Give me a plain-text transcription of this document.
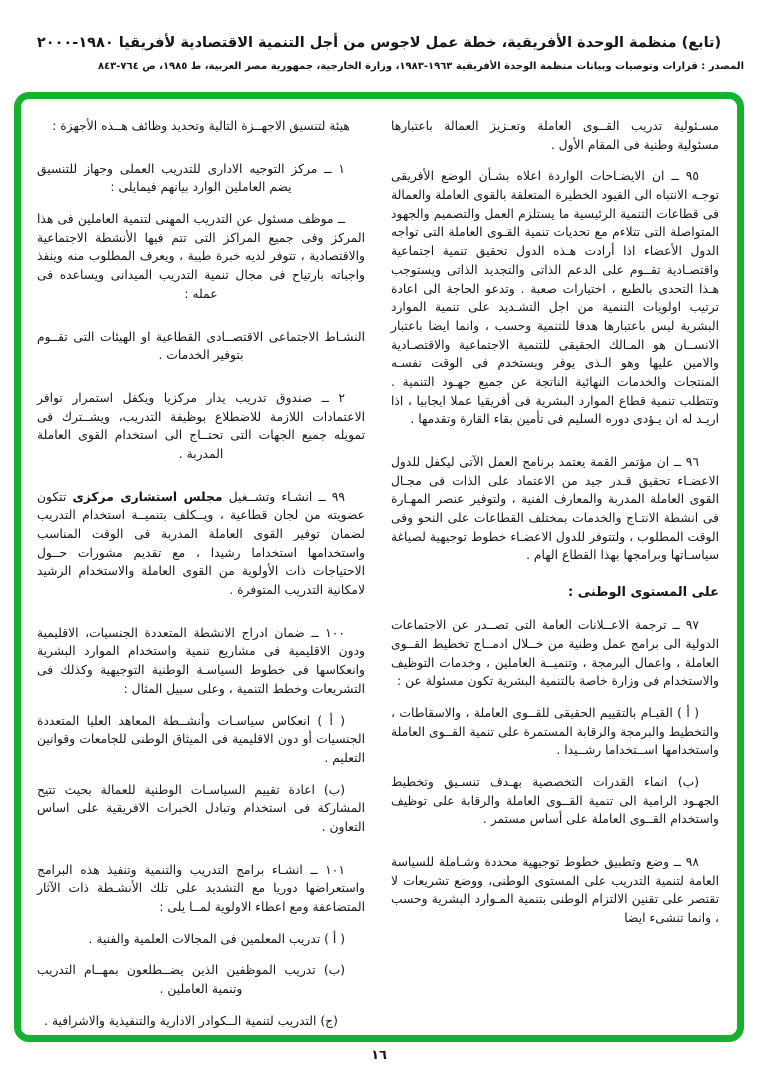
(تابع) منظمة الوحدة الأفريقية، خطة عمل لاجوس من أجل التنمية الاقتصادية لأفريقيا ١٩٨٠-٢٠٠٠
المصدر : قرارات وتوصيات وبيانات منظمة الوحدة الأفريقية ١٩٦٣-١٩٨٣، وزارة الخارجية، جمهورية مصر العربية، ط ١٩٨٥، ص ٧٦٤-٨٤٣

مسـئولية تدريب القــوى العاملة وتعـزيز العمالة باعتبارها مسئولية وطنية فى المقام الأول .

٩٥ ــ ان الايضـاحات الواردة اعلاه بشـأن الوضع الأفريقى توجـه الانتباه الى القيود الخطيرة المتعلقة بالقوى العاملة والعمالة فى قطاعات التنمية الرئيسية ما يستلزم العمل والتصميم والجهود المتواصلة التى تتلاءم مع تحديات تنمية القـوى العاملة التى تواجه الدول الأعضاء اذا أرادت هـذه الدول تحقيق تنمية اجتماعية واقتصـادية تقــوم على الدعم الذاتى والتجديد الذاتى ويستوجب هـذا التحدى بالطبع ، اختيارات صعبة . وتدعو الحاجة الى اعادة ترتيب اولويات التنمية من اجل التشـديد على تنمية الموارد البشرية ليس باعتبارها هدفا للتنمية وحسب ، وانما ايضا باعتبار الانســان هو المـالك الحقيقى للتنمية الاجتماعية والاقتصـادية والامين عليها وهو الـذى يوفر ويستخدم فى الوقت نفسـه المنتجات والخدمات النهائية الناتجة عن جميع جهـود التنمية . وتتطلب تنمية قطاع الموارد البشرية فى أفريقيا عملا ايجابيا ، اذا اريـد له ان يـؤدى دوره السليم فى تأمين بقاء القارة وتقدمها .

٩٦ ــ ان مؤتمر القمة يعتمد برنامج العمل الآتى ليكفل للدول الاعضـاء تحقيق قـدر جيد من الاعتماد على الذات فى مجـال القوى العاملة المدربة والمعارف الفنية ، ولتوفير عنصر المهـارة فى انشطة الانتـاج والخدمات بمختلف القطاعات على النحو وفى الوقت المطلوب ، ولتتوفر للدول الاعضـاء خطوط توجيهية لصياغة سياسـاتها وبرامجها بهذا القطاع الهام .

على المستوى الوطنى :

٩٧ ــ ترجمة الاعــلانات العامة التى تصــدر عن الاجتماعات الدولية الى برامج عمل وطنية من خــلال ادمــاج تخطيط القــوى العاملة ، واعمال البرمجة ، وتنميــة العاملين ، وخدمات التوظيف والاستخدام فى وزارة خاصة بالتنمية البشرية تكون مسئولة عن :

( أ ) القيـام بالتقييم الحقيقى للقــوى العاملة ، والاسقاطات ، والتخطيط والبرمجة والرقابة المستمرة على تنمية القــوى العاملة واستخدامها اســتخداما رشــيدا .

(ب) انماء القدرات التخصصية بهـدف تنسـيق وتخطيط الجهـود الرامية الى تنمية القــوى العاملة والرقابة على توظيف واستخدام القــوى العاملة على أساس مستمر .

٩٨ ــ وضع وتطبيق خطوط توجيهية محددة وشـاملة للسياسة العامة لتنمية التدريب على المستوى الوطنى، ووضع تشريعات لا تقتصر على تقنين الالتزام الوطنى بتنمية المـوارد البشرية وحسب ، وانما تنشىء ايضا

هيئة لتنسيق الاجهــزة التالية وتحديد وظائف هــذه الأجهزة :

١ ــ مركز التوجيه الادارى للتدريب العملى وجهاز للتنسيق يضم العاملين الوارد بيانهم فيمايلى :

ــ موظف مسئول عن التدريب المهنى لتنمية العاملين فى هذا المركز وفى جميع المراكز التى تتم فيها الأنشطة الاجتماعية والاقتصادية ، تتوفر لديه خبرة طيبة ، ويعرف المطلوب منه وينفذ واجباته بارتياح فى مجال تنمية التدريب الميدانى ويساعده فى عمله :

النشـاط الاجتماعى الاقتصــادى القطاعية او الهيئات التى تقــوم بتوفير الخدمات .

٢ ــ صندوق تدريب يدار مركزيا ويكفل استمرار توافر الاعتمادات اللازمة للاضطلاع بوظيفة التدريب، ويشــترك فى تمويله جميع الجهات التى تحتــاج الى استخدام القوى العاملة المدربة .

٩٩ ــ انشـاء وتشــغيل مجلس استشارى مركزى تتكون عضويته من لجان قطاعية ، ويــكلف بتنميــة استخدام التدريب لضمان توفير القوى العاملة المدربة فى الوقت المناسب واستخدامها استخداما رشيدا ، مع تقديم مشورات حــول الاحتياجات ذات الأولوية من القوى العاملة والاستخدام الرشيد لامكانية التدريب المتوفرة .

١٠٠ ــ ضمان ادراج الانشطة المتعددة الجنسيات، الاقليمية ودون الاقليمية فى مشاريع تنمية واستخدام الموارد البشرية وانعكاسها فى خطوط السياسـة الوطنية التوجيهية وكذلك فى التشريعات وخطط التنمية ، وعلى سبيل المثال :

( أ ) انعكاس سياسـات وأنشــطة المعاهد العليا المتعددة الجنسيات أو دون الاقليمية فى الميثاق الوطنى للجامعات وقوانين التعليم .

(ب) اعادة تقييم السياسـات الوطنية للعمالة بحيث تتيح المشاركة فى استخدام وتبادل الخبرات الافريقية على اساس التعاون .

١٠١ ــ انشـاء برامج التدريب والتنمية وتنفيذ هذه البرامج واستعراضها دوريا مع التشديد على تلك الأنشـطة ذات الآثار المتضاعفة ومع اعطاء الاولوية لمــا يلى :

( أ ) تدريب المعلمين فى المجالات العلمية والفنية .

(ب) تدريب الموظفين الذين يضــطلعون بمهــام التدريب وتنمية العاملين .

(ج) التدريب لتنمية الــكوادر الادارية والتنفيذية والاشرافية .

١٦
